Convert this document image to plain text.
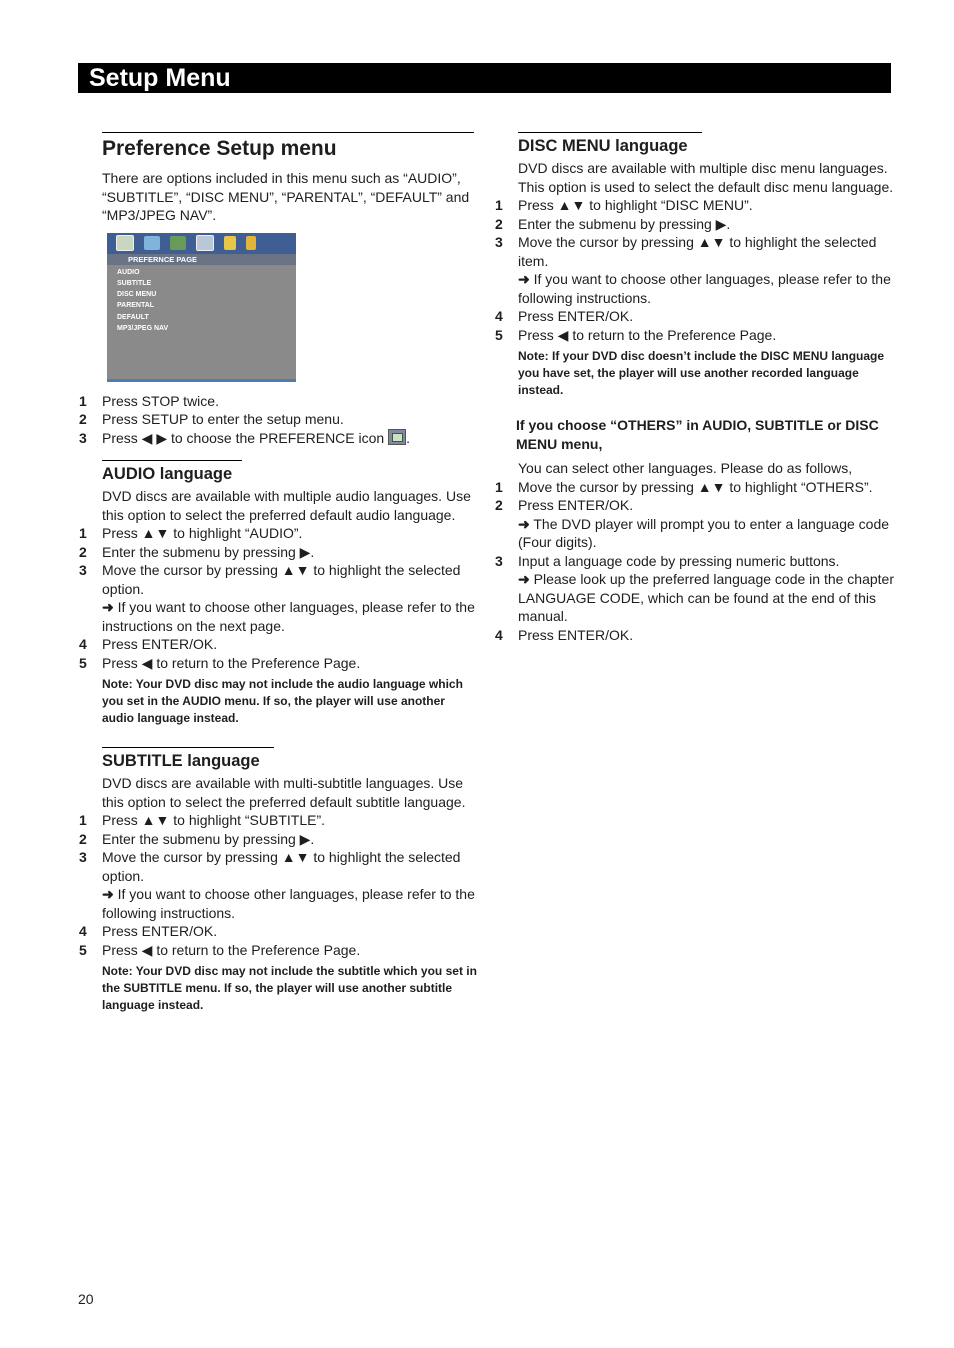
Setup Menu
Preference Setup menu
There are options included in this menu such as “AUDIO”, “SUBTITLE”, “DISC MENU”, “PARENTAL”, “DEFAULT” and “MP3/JPEG NAV”.
PREFERNCE PAGE
AUDIO
SUBTITLE
DISC MENU
PARENTAL
DEFAULT
MP3/JPEG NAV
1 Press STOP twice.
2 Press SETUP to enter the setup menu.
3 Press ◀ ▶ to choose the PREFERENCE icon .
AUDIO language
DVD discs are available with multiple audio languages. Use this option to select the preferred default audio language.
1 Press ▲▼ to highlight “AUDIO”.
2 Enter the submenu by pressing ▶.
3 Move the cursor by pressing ▲▼ to highlight the selected option.
➜ If you want to choose other languages, please refer to the instructions on the next page.
4 Press ENTER/OK.
5 Press ◀ to return to the Preference Page.
Note: Your DVD disc may not include the audio language which you set in the AUDIO menu. If so, the player will use another audio language instead.
SUBTITLE language
DVD discs are available with multi-subtitle languages. Use this option to select the preferred default subtitle language.
1 Press ▲▼ to highlight “SUBTITLE”.
2 Enter the submenu by pressing ▶.
3 Move the cursor by pressing ▲▼ to highlight the selected option.
➜ If you want to choose other languages, please refer to the following instructions.
4 Press ENTER/OK.
5 Press ◀ to return to the Preference Page.
Note: Your DVD disc may not include the subtitle which you set in the SUBTITLE menu. If so, the player will use another subtitle language instead.
DISC MENU language
DVD discs are available with multiple disc menu languages. This option is used to select the default disc menu language.
1 Press ▲▼ to highlight “DISC MENU”.
2 Enter the submenu by pressing ▶.
3 Move the cursor by pressing ▲▼ to highlight the selected item.
➜ If you want to choose other languages, please refer to the following instructions.
4 Press ENTER/OK.
5 Press ◀ to return to the Preference Page.
Note: If your DVD disc doesn’t include the DISC MENU language you have set, the player will use another recorded language instead.
If you choose “OTHERS” in AUDIO, SUBTITLE or DISC MENU menu,
You can select other languages. Please do as follows,
1 Move the cursor by pressing ▲▼ to highlight “OTHERS”.
2 Press ENTER/OK.
➜ The DVD player will prompt you to enter a language code (Four digits).
3 Input a language code by pressing numeric buttons.
➜ Please look up the preferred language code in the chapter LANGUAGE CODE, which can be found at the end of this manual.
4 Press ENTER/OK.
20
